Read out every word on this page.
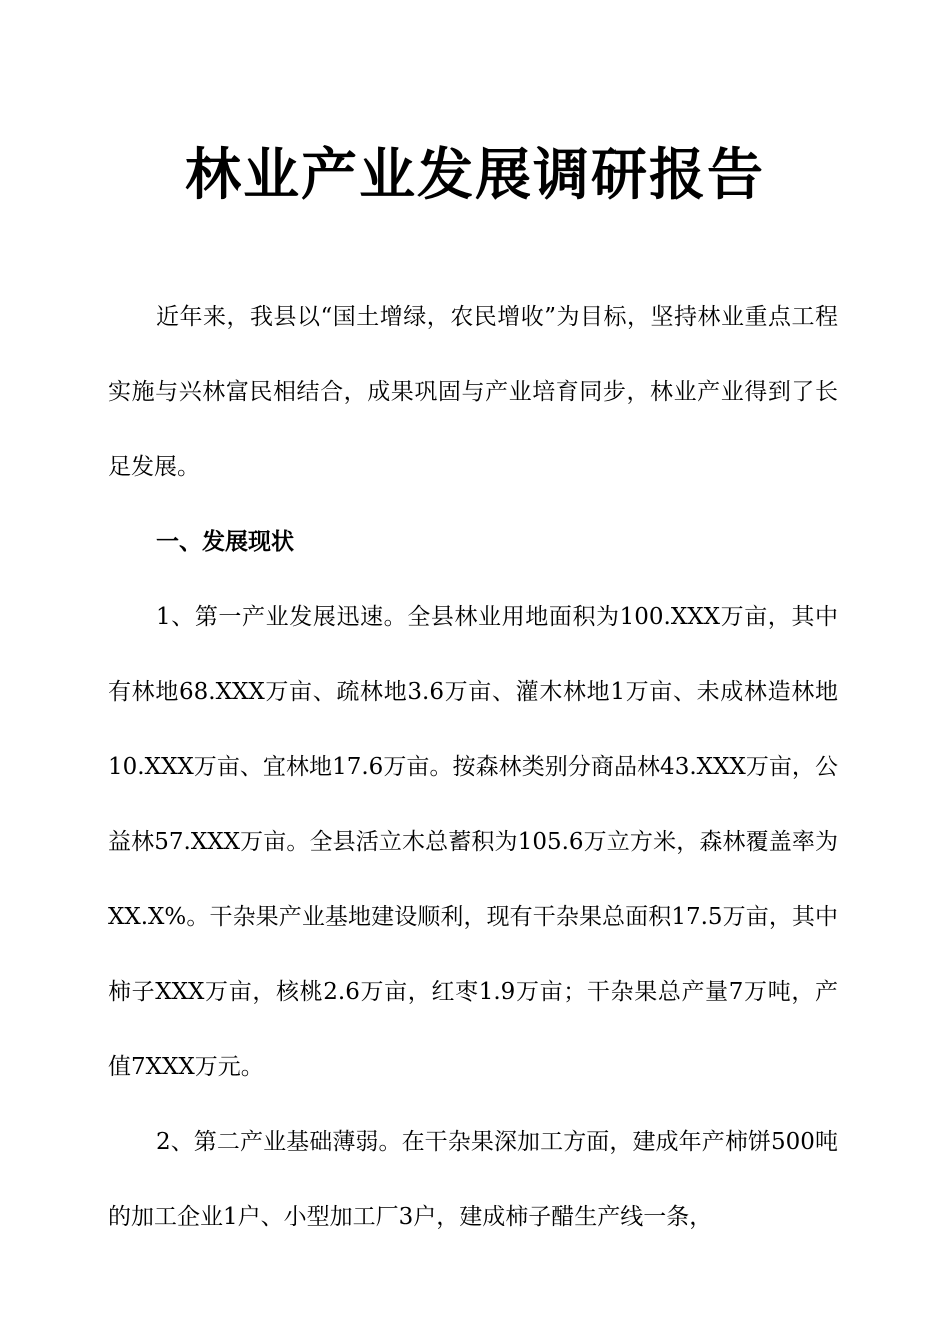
林业产业发展调研报告

近年来，我县以“国土增绿，农民增收”为目标，坚持林业重点工程实施与兴林富民相结合，成果巩固与产业培育同步，林业产业得到了长足发展。

一、发展现状

1、第一产业发展迅速。全县林业用地面积为100.XXX万亩，其中有林地68.XXX万亩、疏林地3.6万亩、灌木林地1万亩、未成林造林地10.XXX万亩、宜林地17.6万亩。按森林类别分商品林43.XXX万亩，公益林57.XXX万亩。全县活立木总蓄积为105.6万立方米，森林覆盖率为XX.X%。干杂果产业基地建设顺利，现有干杂果总面积17.5万亩，其中柿子XXX万亩，核桃2.6万亩，红枣1.9万亩；干杂果总产量7万吨，产值7XXX万元。

2、第二产业基础薄弱。在干杂果深加工方面，建成年产柿饼500吨的加工企业1户、小型加工厂3户，建成柿子醋生产线一条，
